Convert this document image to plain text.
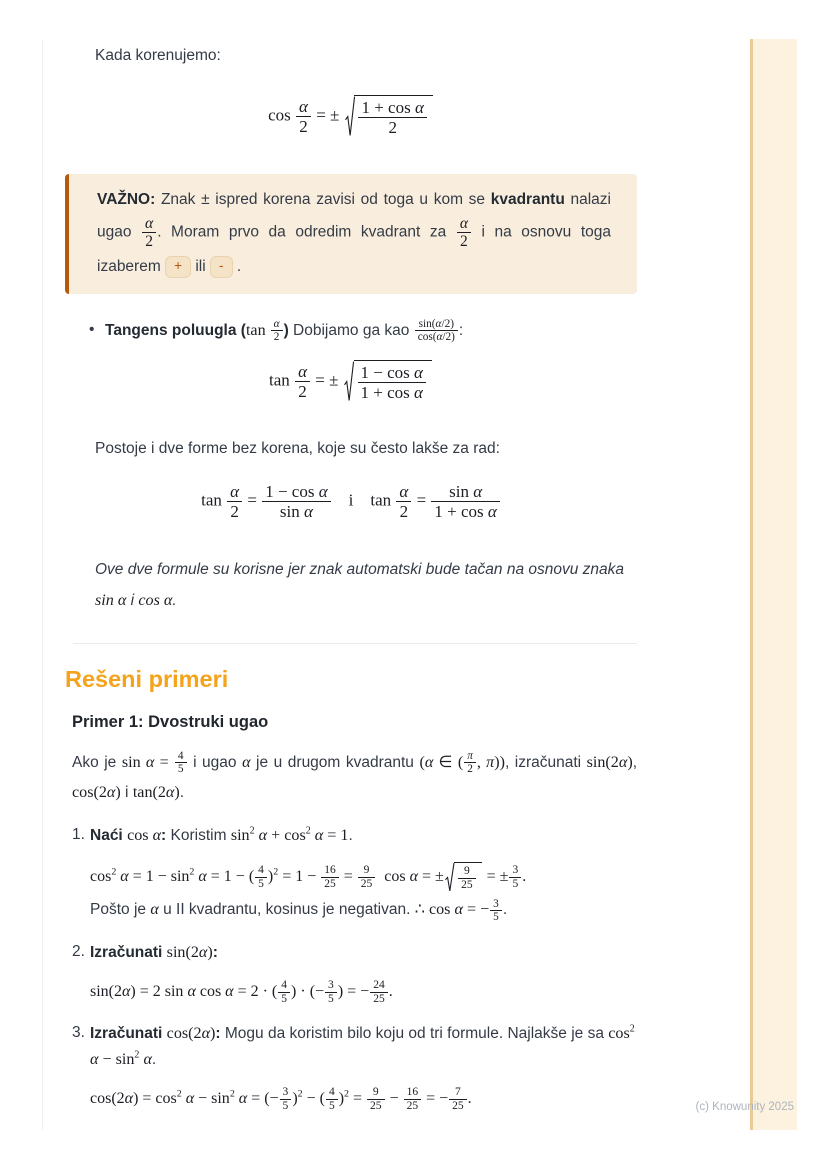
Kada korenujemo:

$\cos \frac{\alpha}{2}$ = ± 1 + cos α
2
VAŽNO: Znak ± ispred korena zavisi od toga u kom se kvadrantu nalazi ugao $\frac{\alpha}{2}$ . Moram prvo da odredim kvadrant za $\frac{\alpha}{2}$ i na osnovu toga izaberem + ili - .
• Tangens poluugla ($\tan \frac{\alpha}{2}$ ) Dobijamo ga kao $\frac{\sin(\alpha/2)}{\cos(\alpha/2)}$ :

$\tan \frac{\alpha}{2}$ = ± 1 − cos α
1 + cos α

Postoje i dve forme bez korena, koje su često lakše za rad:

$\tan \frac{\alpha}{2} = \frac{\text{1 − cos α}}{\text{sin α}}$  i $\tan \frac{\alpha}{2} = \frac{\text{sin α}}{\text{1 + cos α}}$

Ove dve formule su korisne jer znak automatski bude tačan na osnovu znaka sin α i cos α.

Rešeni primeri
Primer 1: Dvostruki ugao

Ako je $\sin \alpha = \frac{4}{5}$ i ugao α je u drugom kvadrantu (α ∈ ( $\frac{\pi}{2}$ , π)), izračunati sin(2α), cos(2α) i tan(2α).

1. Naći cos α: Koristim $\sin^2 \alpha + \cos^2 \alpha = 1$.

$\cos^2 \alpha = 1 - \sin^2 \alpha = 1$ − ( $\frac{4}{5} )^2 = 1 - \frac{16}{25} = \frac{9}{25}$  cos α = ±	9
25 = ± $\frac{3}{5}$ .

Pošto je α u II kvadrantu, kosinus je negativan. ∴ cos α = − $\frac{3}{5}$ .

2. Izračunati sin(2α):

sin(2α) = 2 sin α cos α = 2 · ( $\frac{4}{5}$ ) · (− $\frac{3}{5}$ ) = − $\frac{24}{25}$ .
3. Izračunati cos(2α): Mogu da koristim bilo koju od tri formule. Najlakše je sa $\cos^2 \alpha - \sin^2 \alpha$.

$\cos(2\alpha) = \cos^2 \alpha - \sin^2 \alpha$ = (− $\frac{3}{5} )^2$ − ( $\frac{4}{5} )^2 = \frac{9}{25} - \frac{16}{25}$ = − $\frac{7}{25}$ .	(c) Knowunity 2025
